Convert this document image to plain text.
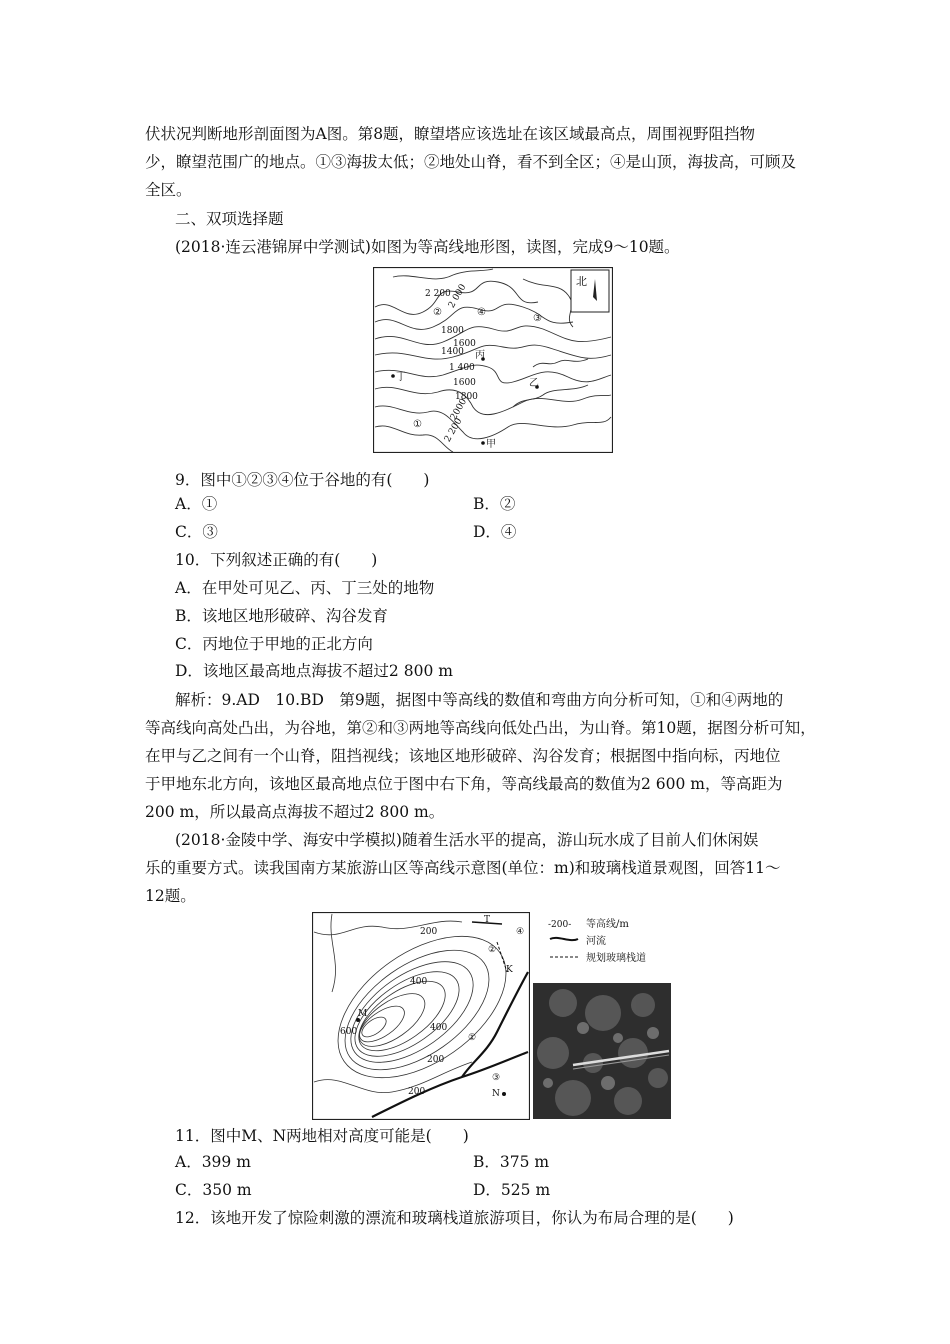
伏状况判断地形剖面图为A图。第8题，瞭望塔应该选址在该区域最高点，周围视野阻挡物
少，瞭望范围广的地点。①③海拔太低；②地处山脊，看不到全区；④是山顶，海拔高，可顾及
全区。
二、双项选择题
(2018·连云港锦屏中学测试)如图为等高线地形图，读图，完成9～10题。
北
2 200
2 000
1800
1600
1400
1 400
1600
1800
2000
2 200
丙
丁
乙
甲
①
②
③
④
9．图中①②③④位于谷地的有(　　)
A．①	B．②
C．③	D．④
10．下列叙述正确的有(　　)
A．在甲处可见乙、丙、丁三处的地物
B．该地区地形破碎、沟谷发育
C．丙地位于甲地的正北方向
D．该地区最高地点海拔不超过2 800 m
解析：9.AD　10.BD　第9题，据图中等高线的数值和弯曲方向分析可知，①和④两地的
等高线向高处凸出，为谷地，第②和③两地等高线向低处凸出，为山脊。第10题，据图分析可知，
在甲与乙之间有一个山脊，阻挡视线；该地区地形破碎、沟谷发育；根据图中指向标，丙地位
于甲地东北方向，该地区最高地点位于图中右下角，等高线最高的数值为2 600 m，等高距为
200 m，所以最高点海拔不超过2 800 m。
(2018·金陵中学、海安中学模拟)随着生活水平的提高，游山玩水成了目前人们休闲娱
乐的重要方式。读我国南方某旅游山区等高线示意图(单位：m)和玻璃栈道景观图，回答11～
12题。
200
400
600
200
400
200
T
K
M
N
①
②
③
④
-200- 等高线/m
河流
规划玻璃栈道
11．图中M、N两地相对高度可能是(　　)
A．399 m	B．375 m
C．350 m	D．525 m
12．该地开发了惊险刺激的漂流和玻璃栈道旅游项目，你认为布局合理的是(　　)
